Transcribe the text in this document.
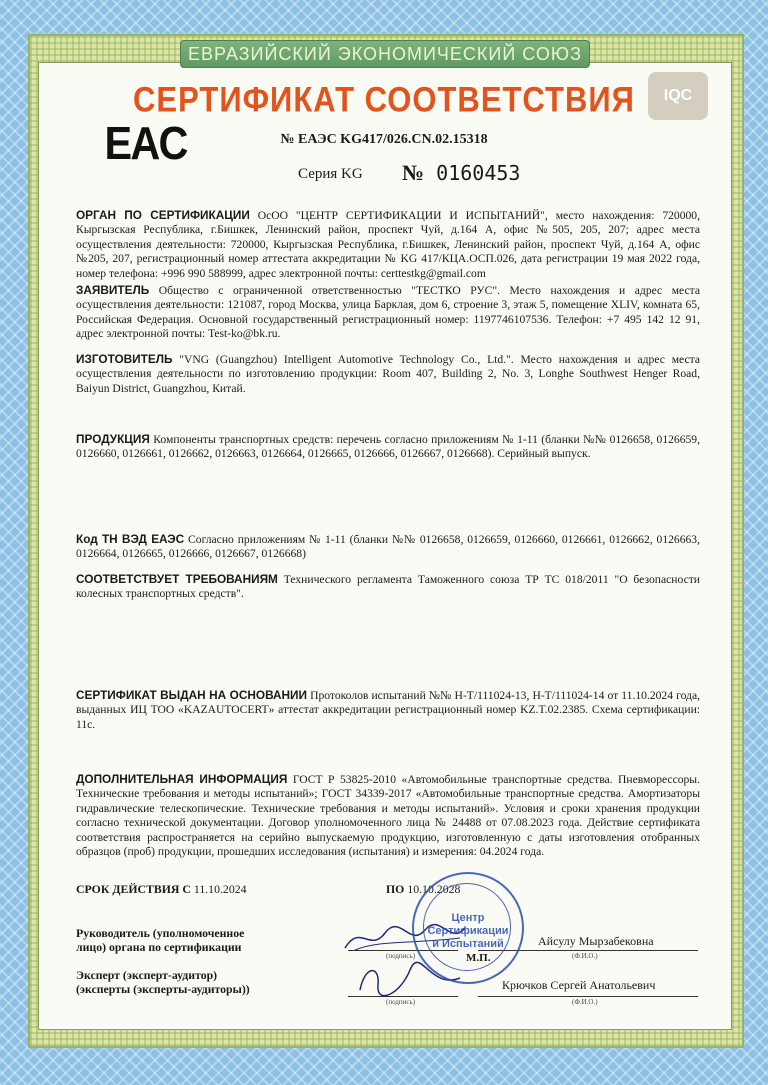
ЕВРАЗИЙСКИЙ ЭКОНОМИЧЕСКИЙ СОЮЗ
IQC
СЕРТИФИКАТ СООТВЕТСТВИЯ
EAC	№ ЕАЭС KG417/026.CN.02.15318
Серия KG № 0160453
ОРГАН ПО СЕРТИФИКАЦИИ ОсОО "ЦЕНТР СЕРТИФИКАЦИИ И ИСПЫТАНИЙ", место нахождения: 720000, Кыргызская Республика, г.Бишкек, Ленинский район, проспект Чуй, д.164 А, офис №505, 205, 207; адрес места осуществления деятельности: 720000, Кыргызская Республика, г.Бишкек, Ленинский район, проспект Чуй, д.164 А, офис №205, 207, регистрационный номер аттестата аккредитации № KG 417/КЦА.ОСП.026, дата регистрации 19 мая 2022 года, номер телефона: +996 990 588999, адрес электронной почты: certtestkg@gmail.com
ЗАЯВИТЕЛЬ Общество с ограниченной ответственностью "ТЕСТКО РУС". Место нахождения и адрес места осуществления деятельности: 121087, город Москва, улица Барклая, дом 6, строение 3, этаж 5, помещение XLIV, комната 65, Российская Федерация. Основной государственный регистрационный номер: 1197746107536. Телефон: +7 495 142 12 91, адрес электронной почты: Test-ko@bk.ru.
ИЗГОТОВИТЕЛЬ "VNG (Guangzhou) Intelligent Automotive Technology Co., Ltd.". Место нахождения и адрес места осуществления деятельности по изготовлению продукции: Room 407, Building 2, No. 3, Longhe Southwest Henger Road, Baiyun District, Guangzhou, Китай.
ПРОДУКЦИЯ Компоненты транспортных средств: перечень согласно приложениям № 1-11 (бланки №№ 0126658, 0126659, 0126660, 0126661, 0126662, 0126663, 0126664, 0126665, 0126666, 0126667, 0126668). Серийный выпуск.
Код ТН ВЭД ЕАЭС Согласно приложениям № 1-11 (бланки №№ 0126658, 0126659, 0126660, 0126661, 0126662, 0126663, 0126664, 0126665, 0126666, 0126667, 0126668)
СООТВЕТСТВУЕТ ТРЕБОВАНИЯМ Технического регламента Таможенного союза ТР ТС 018/2011 "О безопасности колесных транспортных средств".
СЕРТИФИКАТ ВЫДАН НА ОСНОВАНИИ Протоколов испытаний №№ Н-Т/111024-13, Н-Т/111024-14 от 11.10.2024 года, выданных ИЦ ТОО «KAZAUTOCERT» аттестат аккредитации регистрационный номер KZ.T.02.2385. Схема сертификации: 11с.
ДОПОЛНИТЕЛЬНАЯ ИНФОРМАЦИЯ ГОСТ Р 53825-2010 «Автомобильные транспортные средства. Пневморессоры. Технические требования и методы испытаний»; ГОСТ 34339-2017 «Автомобильные транспортные средства. Амортизаторы гидравлические телескопические. Технические требования и методы испытаний». Условия и сроки хранения продукции согласно технической документации. Договор уполномоченного лица № 24488 от 07.08.2023 года. Действие сертификата соответствия распространяется на серийно выпускаемую продукцию, изготовленную с даты изготовления отобранных образцов (проб) продукции, прошедших исследования (испытания) и измерения: 04.2024 года.
СРОК ДЕЙСТВИЯ С 11.10.2024	ПО 10.10.2028
Руководитель (уполномоченное
лицо) органа по сертификации
(подпись)	(Ф.И.О.)
Айсулу Мырзабековна
Эксперт (эксперт-аудитор)
(эксперты (эксперты-аудиторы))
(подпись)	(Ф.И.О.)
Крючков Сергей Анатольевич
Центр
Сертификации
и Испытаний
М.П.
